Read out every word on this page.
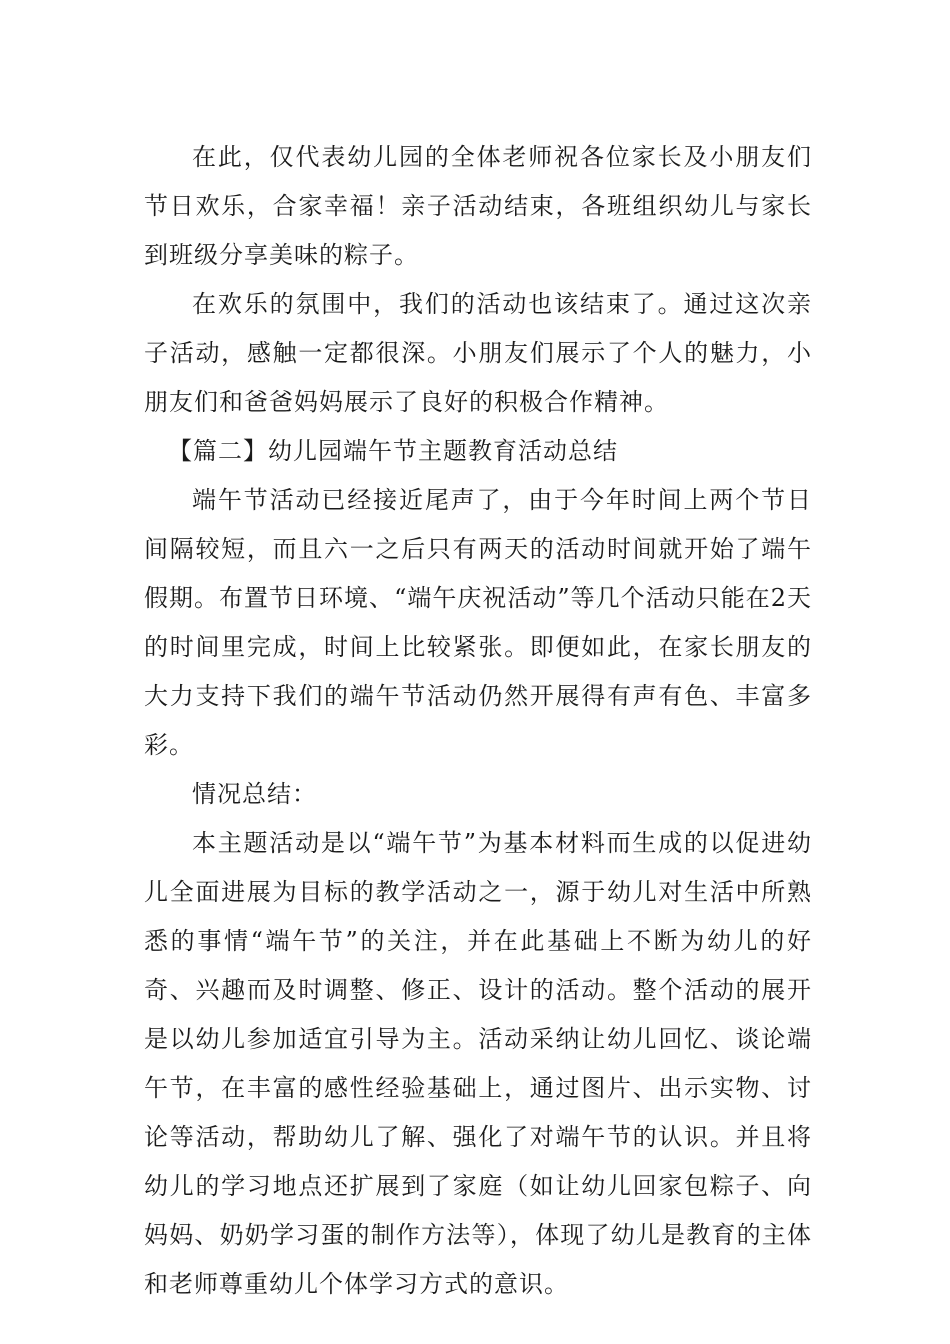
在此，仅代表幼儿园的全体老师祝各位家长及小朋友们节日欢乐，合家幸福！亲子活动结束，各班组织幼儿与家长到班级分享美味的粽子。

在欢乐的氛围中，我们的活动也该结束了。通过这次亲子活动，感触一定都很深。小朋友们展示了个人的魅力，小朋友们和爸爸妈妈展示了良好的积极合作精神。

【篇二】幼儿园端午节主题教育活动总结

端午节活动已经接近尾声了，由于今年时间上两个节日间隔较短，而且六一之后只有两天的活动时间就开始了端午假期。布置节日环境、“端午庆祝活动”等几个活动只能在2天的时间里完成，时间上比较紧张。即便如此，在家长朋友的大力支持下我们的端午节活动仍然开展得有声有色、丰富多彩。

情况总结：

本主题活动是以“端午节”为基本材料而生成的以促进幼儿全面进展为目标的教学活动之一，源于幼儿对生活中所熟悉的事情“端午节”的关注，并在此基础上不断为幼儿的好奇、兴趣而及时调整、修正、设计的活动。整个活动的展开是以幼儿参加适宜引导为主。活动采纳让幼儿回忆、谈论端午节，在丰富的感性经验基础上，通过图片、出示实物、讨论等活动，帮助幼儿了解、强化了对端午节的认识。并且将幼儿的学习地点还扩展到了家庭（如让幼儿回家包粽子、向妈妈、奶奶学习蛋的制作方法等），体现了幼儿是教育的主体和老师尊重幼儿个体学习方式的意识。
